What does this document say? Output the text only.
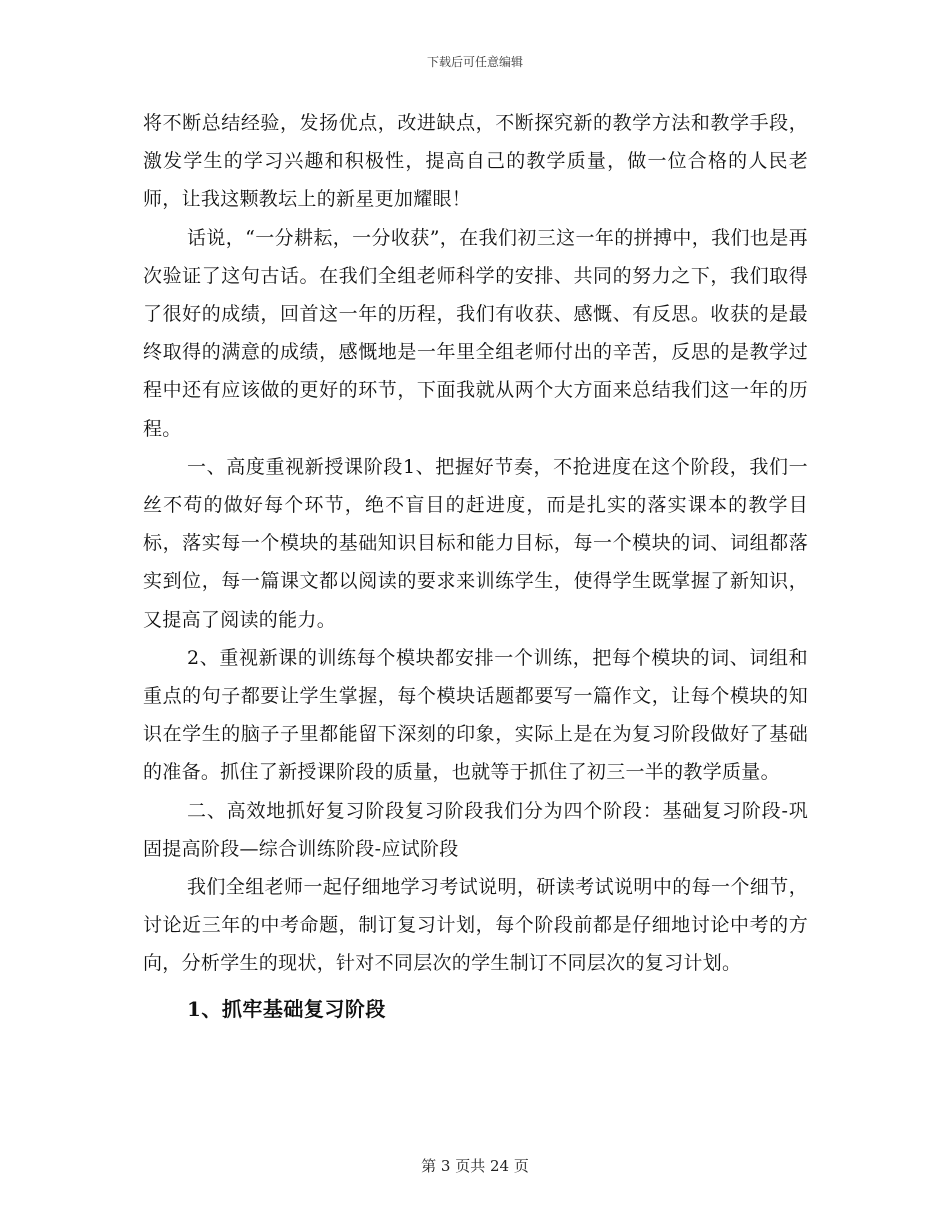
下载后可任意编辑

将不断总结经验，发扬优点，改进缺点，不断探究新的教学方法和教学手段，激发学生的学习兴趣和积极性，提高自己的教学质量，做一位合格的人民老师，让我这颗教坛上的新星更加耀眼！

话说，“一分耕耘，一分收获”，在我们初三这一年的拼搏中，我们也是再次验证了这句古话。在我们全组老师科学的安排、共同的努力之下，我们取得了很好的成绩，回首这一年的历程，我们有收获、感慨、有反思。收获的是最终取得的满意的成绩，感慨地是一年里全组老师付出的辛苦，反思的是教学过程中还有应该做的更好的环节，下面我就从两个大方面来总结我们这一年的历程。

一、高度重视新授课阶段1、把握好节奏，不抢进度在这个阶段，我们一丝不苟的做好每个环节，绝不盲目的赶进度，而是扎实的落实课本的教学目标，落实每一个模块的基础知识目标和能力目标，每一个模块的词、词组都落实到位，每一篇课文都以阅读的要求来训练学生，使得学生既掌握了新知识，又提高了阅读的能力。

2、重视新课的训练每个模块都安排一个训练，把每个模块的词、词组和重点的句子都要让学生掌握，每个模块话题都要写一篇作文，让每个模块的知识在学生的脑子子里都能留下深刻的印象，实际上是在为复习阶段做好了基础的准备。抓住了新授课阶段的质量，也就等于抓住了初三一半的教学质量。

二、高效地抓好复习阶段复习阶段我们分为四个阶段：基础复习阶段-巩固提高阶段—综合训练阶段-应试阶段

我们全组老师一起仔细地学习考试说明，研读考试说明中的每一个细节，讨论近三年的中考命题，制订复习计划，每个阶段前都是仔细地讨论中考的方向，分析学生的现状，针对不同层次的学生制订不同层次的复习计划。

1、抓牢基础复习阶段

第 3 页共 24 页
